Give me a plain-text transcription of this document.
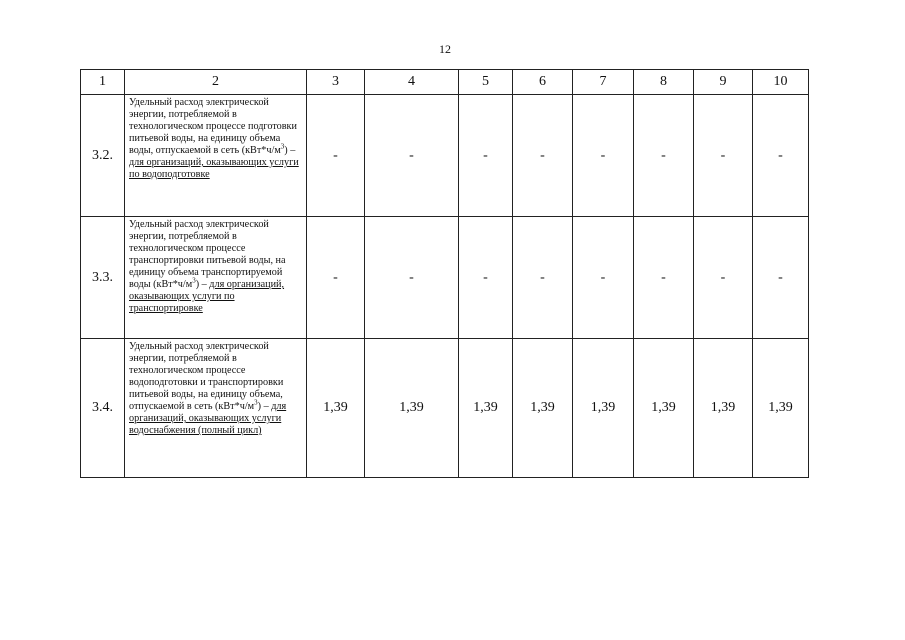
12
1	2	3	4	5	6	7	8	9	10
3.2.	Удельный расход электрической энергии, потребляемой в технологическом процессе подготовки питьевой воды, на единицу объема воды, отпускаемой в сеть $(кВт*ч/м^3)$ – для организаций, оказывающих услуги по водоподготовке	-	-	-	-	-	-	-	-
3.3.	Удельный расход электрической энергии, потребляемой в технологическом процессе транспортировки питьевой воды, на единицу объема транспортируемой воды $(кВт*ч/м^3)$ – для организаций, оказывающих услуги по транспортировке	-	-	-	-	-	-	-	-
3.4.	Удельный расход электрической энергии, потребляемой в технологическом процессе водоподготовки и транспортировки питьевой воды, на единицу объема, отпускаемой в сеть $(кВт*ч/м^3)$ – для организаций, оказывающих услуги водоснабжения (полный цикл)	1,39	1,39	1,39	1,39	1,39	1,39	1,39	1,39
